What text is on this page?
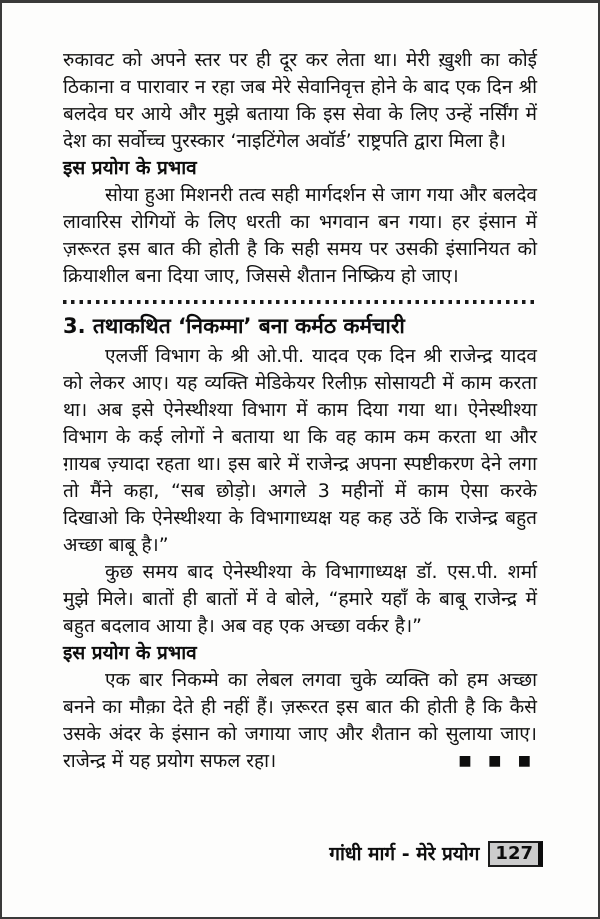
रुकावट को अपने स्तर पर ही दूर कर लेता था। मेरी ख़ुशी का कोई ठिकाना व पारावार न रहा जब मेरे सेवानिवृत्त होने के बाद एक दिन श्री बलदेव घर आये और मुझे बताया कि इस सेवा के लिए उन्हें नर्सिंग में देश का सर्वोच्च पुरस्कार ‘नाइटिंगेल अवॉर्ड’ राष्ट्रपति द्वारा मिला है।

इस प्रयोग के प्रभाव

सोया हुआ मिशनरी तत्व सही मार्गदर्शन से जाग गया और बलदेव लावारिस रोगियों के लिए धरती का भगवान बन गया। हर इंसान में ज़रूरत इस बात की होती है कि सही समय पर उसकी इंसानियत को क्रियाशील बना दिया जाए, जिससे शैतान निष्क्रिय हो जाए।

3. तथाकथित ‘निकम्मा’ बना कर्मठ कर्मचारी

एलर्जी विभाग के श्री ओ.पी. यादव एक दिन श्री राजेन्द्र यादव को लेकर आए। यह व्यक्ति मेडिकेयर रिलीफ़ सोसायटी में काम करता था। अब इसे ऐनेस्थीश्या विभाग में काम दिया गया था। ऐनेस्थीश्या विभाग के कई लोगों ने बताया था कि वह काम कम करता था और ग़ायब ज़्यादा रहता था। इस बारे में राजेन्द्र अपना स्पष्टीकरण देने लगा तो मैंने कहा, “सब छोड़ो। अगले 3 महीनों में काम ऐसा करके दिखाओ कि ऐनेस्थीश्या के विभागाध्यक्ष यह कह उठें कि राजेन्द्र बहुत अच्छा बाबू है।”

कुछ समय बाद ऐनेस्थीश्या के विभागाध्यक्ष डॉ. एस.पी. शर्मा मुझे मिले। बातों ही बातों में वे बोले, “हमारे यहाँ के बाबू राजेन्द्र में बहुत बदलाव आया है। अब वह एक अच्छा वर्कर है।”

इस प्रयोग के प्रभाव

एक बार निकम्मे का लेबल लगवा चुके व्यक्ति को हम अच्छा बनने का मौक़ा देते ही नहीं हैं। ज़रूरत इस बात की होती है कि कैसे उसके अंदर के इंसान को जगाया जाए और शैतान को सुलाया जाए। राजेन्द्र में यह प्रयोग सफल रहा।	■ ■ ■
गांधी मार्ग - मेरे प्रयोग 127
